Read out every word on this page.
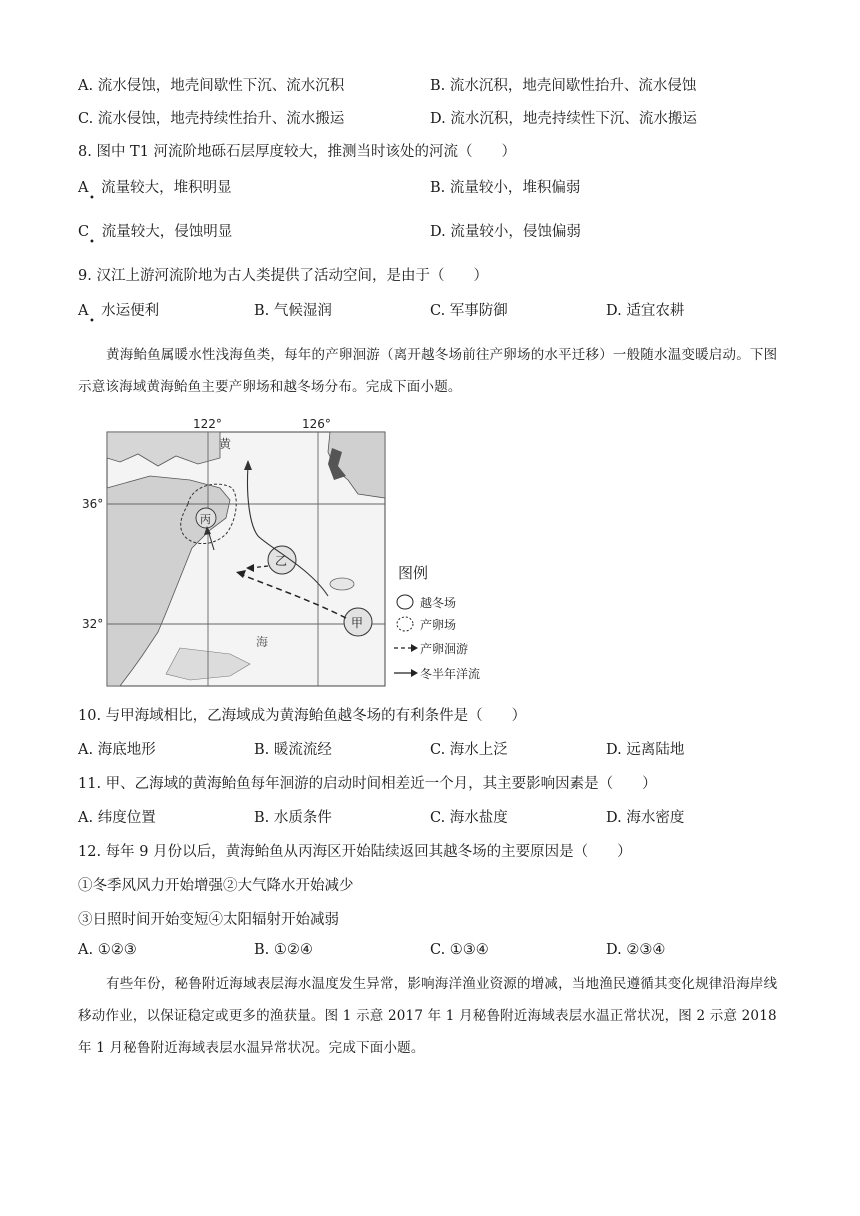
A. 流水侵蚀，地壳间歇性下沉、流水沉积	B. 流水沉积，地壳间歇性抬升、流水侵蚀
C. 流水侵蚀，地壳持续性抬升、流水搬运	D. 流水沉积，地壳持续性下沉、流水搬运
8. 图中 T1 河流阶地砾石层厚度较大，推测当时该处的河流（　　）
A 流量较大，堆积明显
•
B. 流量较小，堆积偏弱
C 流量较大，侵蚀明显
•
D. 流量较小，侵蚀偏弱
9. 汉江上游河流阶地为古人类提供了活动空间，是由于（　　）
A 水运便利
•
B. 气候湿润	C. 军事防御	D. 适宜农耕
黄海鲐鱼属暖水性浅海鱼类，每年的产卵洄游（离开越冬场前往产卵场的水平迁移）一般随水温变暖启动。下图示意该海域黄海鲐鱼主要产卵场和越冬场分布。完成下面小题。
122°	126°
36°
32°
黄
海
丙
乙
甲
图例
越冬场
产卵场
产卵洄游
冬半年洋流
10. 与甲海域相比，乙海域成为黄海鲐鱼越冬场的有利条件是（　　）
A. 海底地形	B. 暖流流经	C. 海水上泛	D. 远离陆地
11. 甲、乙海域的黄海鲐鱼每年洄游的启动时间相差近一个月，其主要影响因素是（　　）
A. 纬度位置	B. 水质条件	C. 海水盐度	D. 海水密度
12. 每年 9 月份以后，黄海鲐鱼从丙海区开始陆续返回其越冬场的主要原因是（　　）
①冬季风风力开始增强②大气降水开始减少
③日照时间开始变短④太阳辐射开始减弱
A. ①②③	B. ①②④	C. ①③④	D. ②③④
有些年份，秘鲁附近海域表层海水温度发生异常，影响海洋渔业资源的增减，当地渔民遵循其变化规律沿海岸线移动作业，以保证稳定或更多的渔获量。图 1 示意 2017 年 1 月秘鲁附近海域表层水温正常状况，图 2 示意 2018 年 1 月秘鲁附近海域表层水温异常状况。完成下面小题。
